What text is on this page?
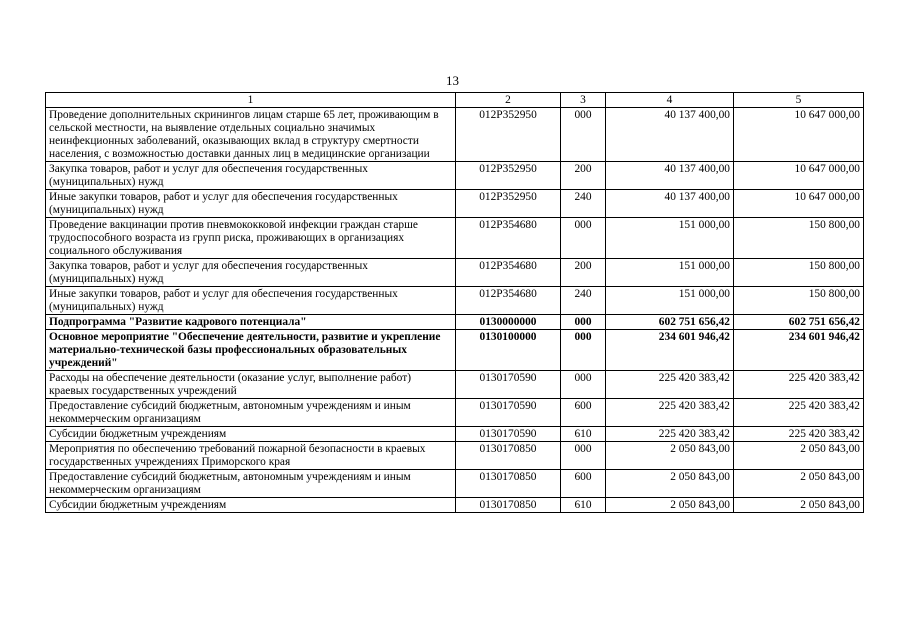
13
1	2	3	4	5
Проведение дополнительных скринингов лицам старше 65 лет, проживающим в сельской местности, на выявление отдельных социально значимых неинфекционных заболеваний, оказывающих вклад в структуру смертности населения, с возможностью доставки данных лиц в медицинские организации	012P352950	000	40 137 400,00	10 647 000,00
Закупка товаров, работ и услуг для обеспечения государственных (муниципальных) нужд	012P352950	200	40 137 400,00	10 647 000,00
Иные закупки товаров, работ и услуг для обеспечения государственных (муниципальных) нужд	012P352950	240	40 137 400,00	10 647 000,00
Проведение вакцинации против пневмококковой инфекции граждан старше трудоспособного возраста из групп риска, проживающих в организациях социального обслуживания	012P354680	000	151 000,00	150 800,00
Закупка товаров, работ и услуг для обеспечения государственных (муниципальных) нужд	012P354680	200	151 000,00	150 800,00
Иные закупки товаров, работ и услуг для обеспечения государственных (муниципальных) нужд	012P354680	240	151 000,00	150 800,00
Подпрограмма "Развитие кадрового потенциала"	0130000000	000	602 751 656,42	602 751 656,42
Основное мероприятие "Обеспечение деятельности, развитие и укрепление материально-технической базы профессиональных образовательных учреждений"	0130100000	000	234 601 946,42	234 601 946,42
Расходы на обеспечение деятельности (оказание услуг, выполнение работ) краевых государственных учреждений	0130170590	000	225 420 383,42	225 420 383,42
Предоставление субсидий бюджетным, автономным учреждениям и иным некоммерческим организациям	0130170590	600	225 420 383,42	225 420 383,42
Субсидии бюджетным учреждениям	0130170590	610	225 420 383,42	225 420 383,42
Мероприятия по обеспечению требований пожарной безопасности в краевых государственных учреждениях Приморского края	0130170850	000	2 050 843,00	2 050 843,00
Предоставление субсидий бюджетным, автономным учреждениям и иным некоммерческим организациям	0130170850	600	2 050 843,00	2 050 843,00
Субсидии бюджетным учреждениям	0130170850	610	2 050 843,00	2 050 843,00
